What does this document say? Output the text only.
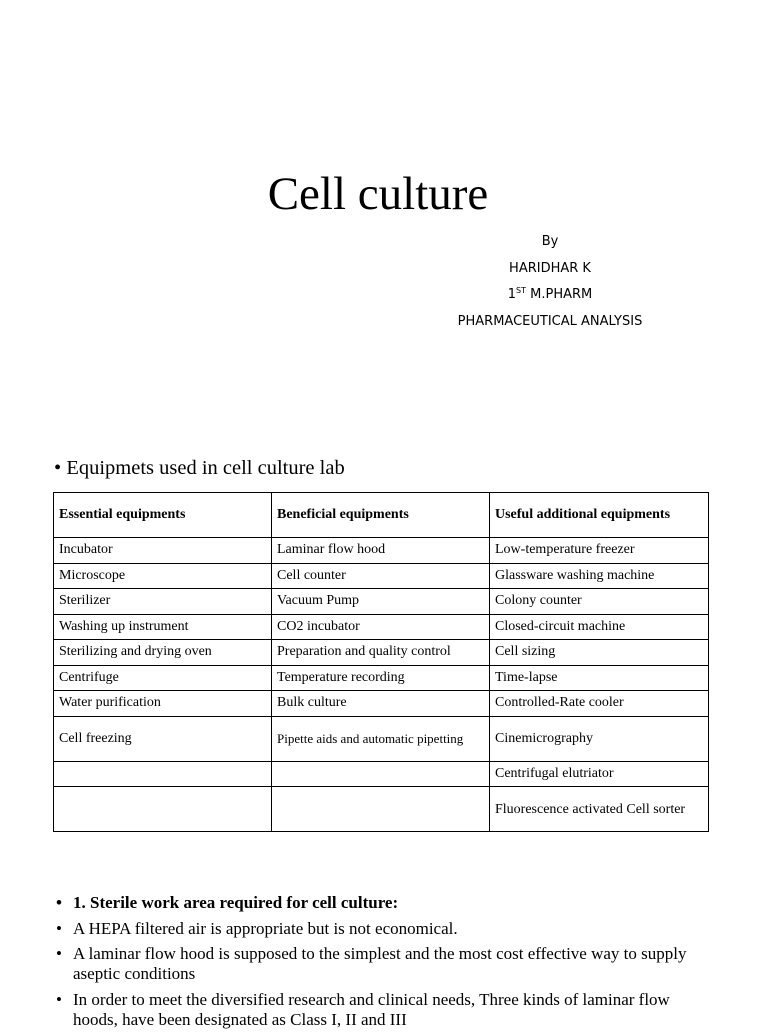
Cell culture
By
HARIDHAR K
1ST M.PHARM
PHARMACEUTICAL ANALYSIS
• Equipmets used in cell culture lab
Essential equipments	Beneficial equipments	Useful additional equipments
Incubator	Laminar flow hood	Low-temperature freezer
Microscope	Cell counter	Glassware washing machine
Sterilizer	Vacuum Pump	Colony counter
Washing up instrument	CO2 incubator	Closed-circuit machine
Sterilizing and drying oven	Preparation and quality control	Cell sizing
Centrifuge	Temperature recording	Time-lapse
Water purification	Bulk culture	Controlled-Rate cooler
Cell freezing	Pipette aids and automatic pipetting	Cinemicrography
		Centrifugal elutriator
		Fluorescence activated Cell sorter
• 1. Sterile work area required for cell culture:
• A HEPA filtered air is appropriate but is not economical.
• A laminar flow hood is supposed to the simplest and the most cost effective way to supply aseptic conditions
• In order to meet the diversified research and clinical needs, Three kinds of laminar flow hoods, have been designated as Class I, II and III
